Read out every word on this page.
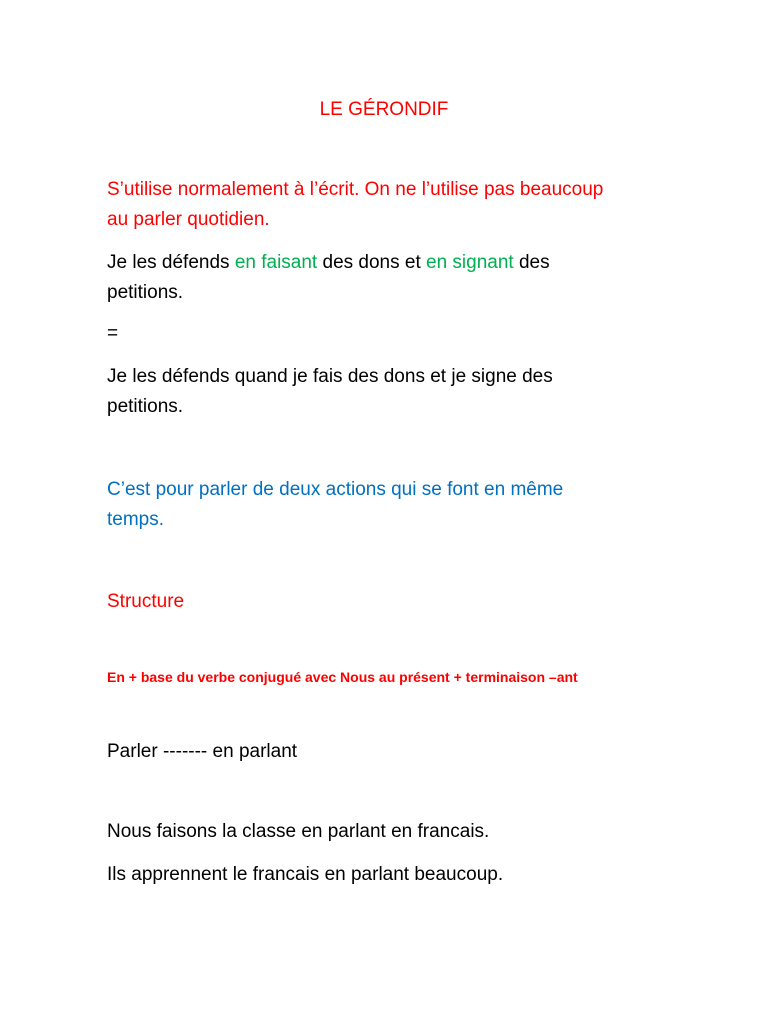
LE GÉRONDIF
S’utilise normalement à l’écrit. On ne l’utilise pas beaucoup
au parler quotidien.
Je les défends en faisant des dons et en signant des
petitions.
=
Je les défends quand je fais des dons et je signe des
petitions.
C’est pour parler de deux actions qui se font en même
temps.
Structure
En + base du verbe conjugué avec Nous au présent + terminaison –ant
Parler ------- en parlant
Nous faisons la classe en parlant en francais.
Ils apprennent le francais en parlant beaucoup.
